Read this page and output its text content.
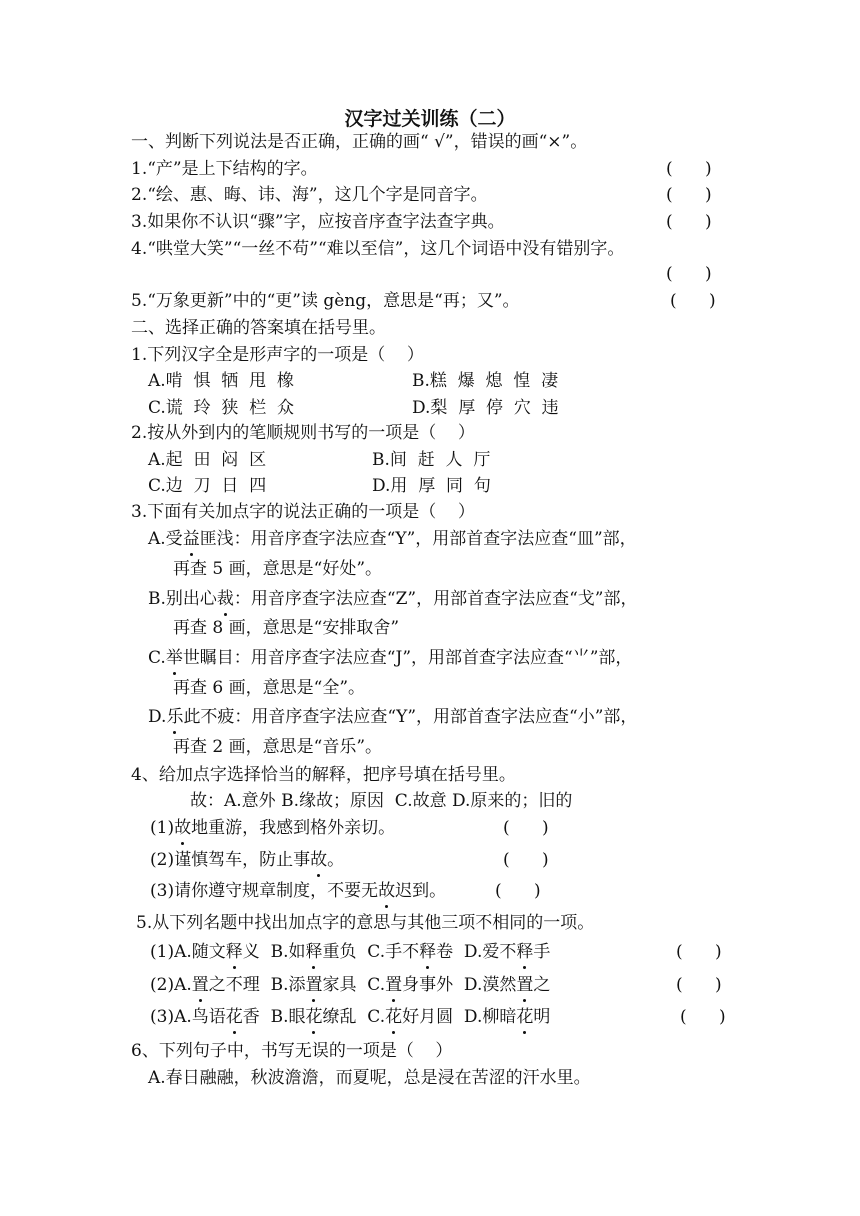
汉字过关训练（二）
一、判断下列说法是否正确，正确的画“ √”，错误的画“×”。
1.“产”是上下结构的字。	(      )
2.“绘、惠、晦、讳、海”，这几个字是同音字。	(      )
3.如果你不认识“骤”字，应按音序查字法查字典。	(      )
4.“哄堂大笑”“一丝不苟”“难以至信”，这几个词语中没有错别字。
(      )
5.“万象更新”中的“更”读 gèng，意思是“再；又”。	(      )
二、选择正确的答案填在括号里。
1.下列汉字全是形声字的一项是（    ）
A.啃  惧  牺  甩  橡	B.糕  爆  熄  惶  凄
C.谎  玲  狭  栏  众	D.梨  厚  停  穴  违
2.按从外到内的笔顺规则书写的一项是（    ）
A.起  田  闷  区	B.间  赶  人  厅
C.边  刀  日  四	D.用  厚  同  句
3.下面有关加点字的说法正确的一项是（    ）
A.受益匪浅：用音序查字法应查“Y”，用部首查字法应查“皿”部，
再查 5 画，意思是“好处”。
B.别出心裁：用音序查字法应查“Z”，用部首查字法应查“戈”部，
再查 8 画，意思是“安排取舍”
C.举世瞩目：用音序查字法应查“J”，用部首查字法应查“⺌”部，
再查 6 画，意思是“全”。
D.乐此不疲：用音序查字法应查“Y”，用部首查字法应查“小”部，
再查 2 画，意思是“音乐”。
4、给加点字选择恰当的解释，把序号填在括号里。
故：A.意外 B.缘故；原因  C.故意 D.原来的；旧的
(1)故地重游，我感到格外亲切。	(      )
(2)谨慎驾车，防止事故。	(      )
(3)请你遵守规章制度，不要无故迟到。	(      )
5.从下列名题中找出加点字的意思与其他三项不相同的一项。
(1)A.随文释义  B.如释重负  C.手不释卷  D.爱不释手	(      )
(2)A.置之不理  B.添置家具  C.置身事外  D.漠然置之	(      )
(3)A.鸟语花香  B.眼花缭乱  C.花好月圆  D.柳暗花明	(      )
6、下列句子中，书写无误的一项是（    ）
A.春日融融，秋波澹澹，而夏呢，总是浸在苦涩的汗水里。
